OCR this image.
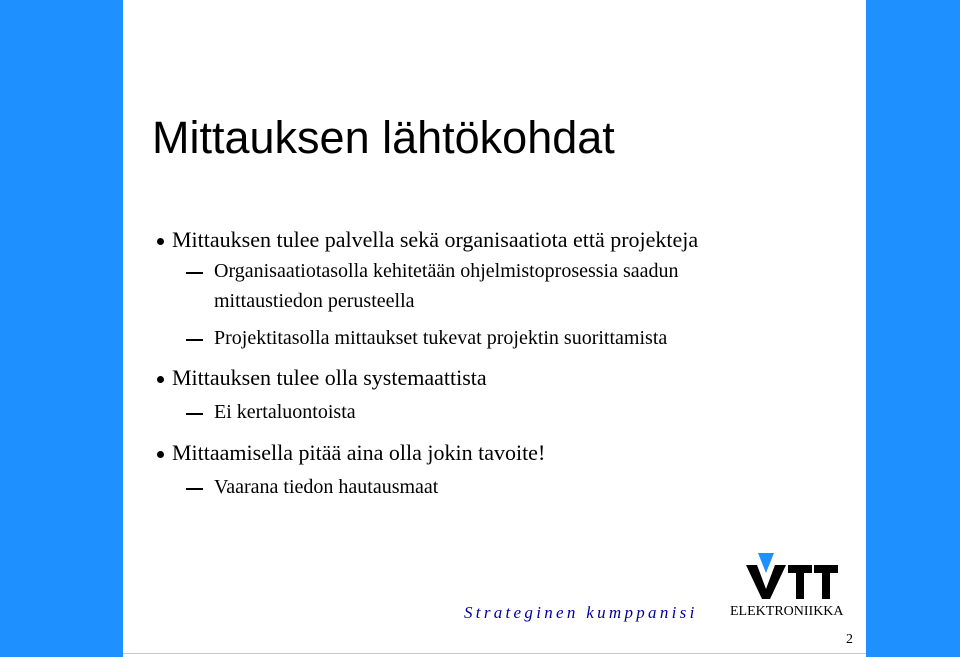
Mittauksen lähtökohdat
Mittauksen tulee palvella sekä organisaatiota että projekteja
Organisaatiotasolla kehitetään ohjelmistoprosessia saadun
mittaustiedon perusteella
Projektitasolla mittaukset tukevat projektin suorittamista
Mittauksen tulee olla systemaattista
Ei kertaluontoista
Mittaamisella pitää aina olla jokin tavoite!
Vaarana tiedon hautausmaat
Strateginen kumppanisi ELEKTRONIIKKA
2
